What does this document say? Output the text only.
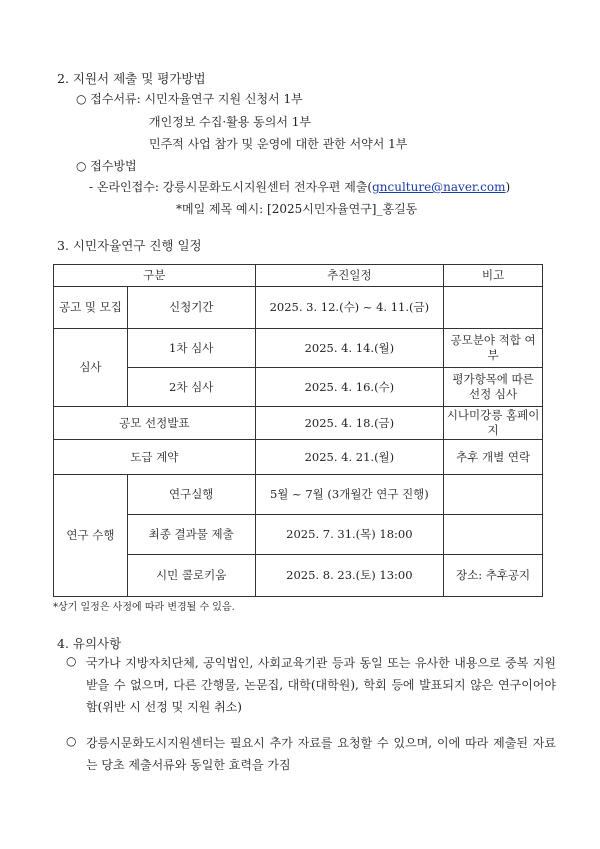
2. 지원서 제출 및 평가방법
○ 접수서류: 시민자율연구 지원 신청서 1부
개인정보 수집·활용 동의서 1부
민주적 사업 참가 및 운영에 대한 관한 서약서 1부
○ 접수방법
- 온라인접수: 강릉시문화도시지원센터 전자우편 제출(gnculture@naver.com)
*메일 제목 예시: [2025시민자율연구]_홍길동
3. 시민자율연구 진행 일정
구분		추진일정	비고
공고 및 모집	신청기간	2025. 3. 12.(수) ~ 4. 11.(금)	
심사	1차 심사	2025. 4. 14.(월)	공모분야 적합 여부
	2차 심사	2025. 4. 16.(수)	평가항목에 따른 선정 심사
공모 선정발표		2025. 4. 18.(금)	시나미강릉 홈페이지
도급 계약		2025. 4. 21.(월)	추후 개별 연락
연구 수행	연구실행	5월 ~ 7월 (3개월간 연구 진행)	
	최종 결과물 제출	2025. 7. 31.(목) 18:00	
	시민 콜로키움	2025. 8. 23.(토) 13:00	장소: 추후공지
*상기 일정은 사정에 따라 변경될 수 있음.
4. 유의사항
○ 국가나 지방자치단체, 공익법인, 사회교육기관 등과 동일 또는 유사한 내용으로 중복 지원받을 수 없으며, 다른 간행물, 논문집, 대학(대학원), 학회 등에 발표되지 않은 연구이어야 함(위반 시 선정 및 지원 취소)
○ 강릉시문화도시지원센터는 필요시 추가 자료를 요청할 수 있으며, 이에 따라 제출된 자료는 당초 제출서류와 동일한 효력을 가짐
